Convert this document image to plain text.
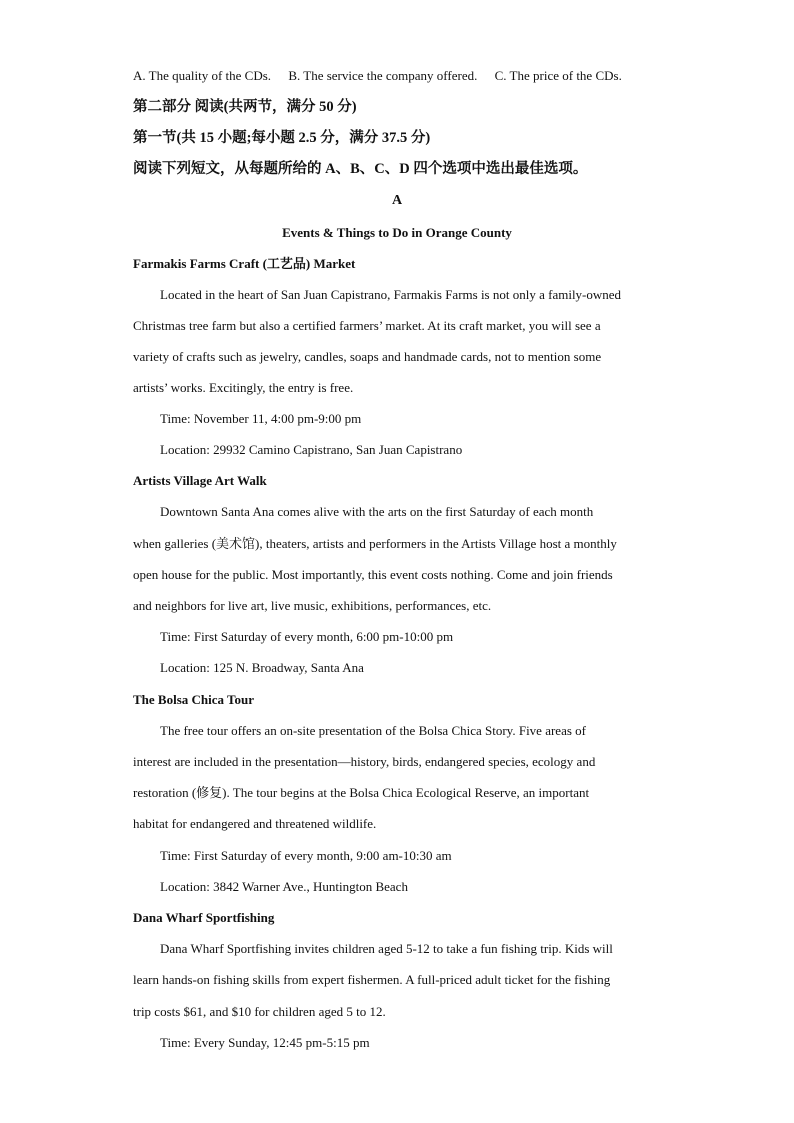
A. The quality of the CDs. B. The service the company offered. C. The price of the CDs.
第二部分 阅读(共两节，满分 50 分)
第一节(共 15 小题;每小题 2.5 分，满分 37.5 分)
阅读下列短文，从每题所给的 A、B、C、D 四个选项中选出最佳选项。
A
Events & Things to Do in Orange County
Farmakis Farms Craft (工艺品) Market
Located in the heart of San Juan Capistrano, Farmakis Farms is not only a family-owned
Christmas tree farm but also a certified farmers’ market. At its craft market, you will see a
variety of crafts such as jewelry, candles, soaps and handmade cards, not to mention some
artists’ works. Excitingly, the entry is free.
Time: November 11, 4:00 pm-9:00 pm
Location: 29932 Camino Capistrano, San Juan Capistrano
Artists Village Art Walk
Downtown Santa Ana comes alive with the arts on the first Saturday of each month
when galleries (美术馆), theaters, artists and performers in the Artists Village host a monthly
open house for the public. Most importantly, this event costs nothing. Come and join friends
and neighbors for live art, live music, exhibitions, performances, etc.
Time: First Saturday of every month, 6:00 pm-10:00 pm
Location: 125 N. Broadway, Santa Ana
The Bolsa Chica Tour
The free tour offers an on-site presentation of the Bolsa Chica Story. Five areas of
interest are included in the presentation—history, birds, endangered species, ecology and
restoration (修复). The tour begins at the Bolsa Chica Ecological Reserve, an important
habitat for endangered and threatened wildlife.
Time: First Saturday of every month, 9:00 am-10:30 am
Location: 3842 Warner Ave., Huntington Beach
Dana Wharf Sportfishing
Dana Wharf Sportfishing invites children aged 5-12 to take a fun fishing trip. Kids will
learn hands-on fishing skills from expert fishermen. A full-priced adult ticket for the fishing
trip costs $61, and $10 for children aged 5 to 12.
Time: Every Sunday, 12:45 pm-5:15 pm
